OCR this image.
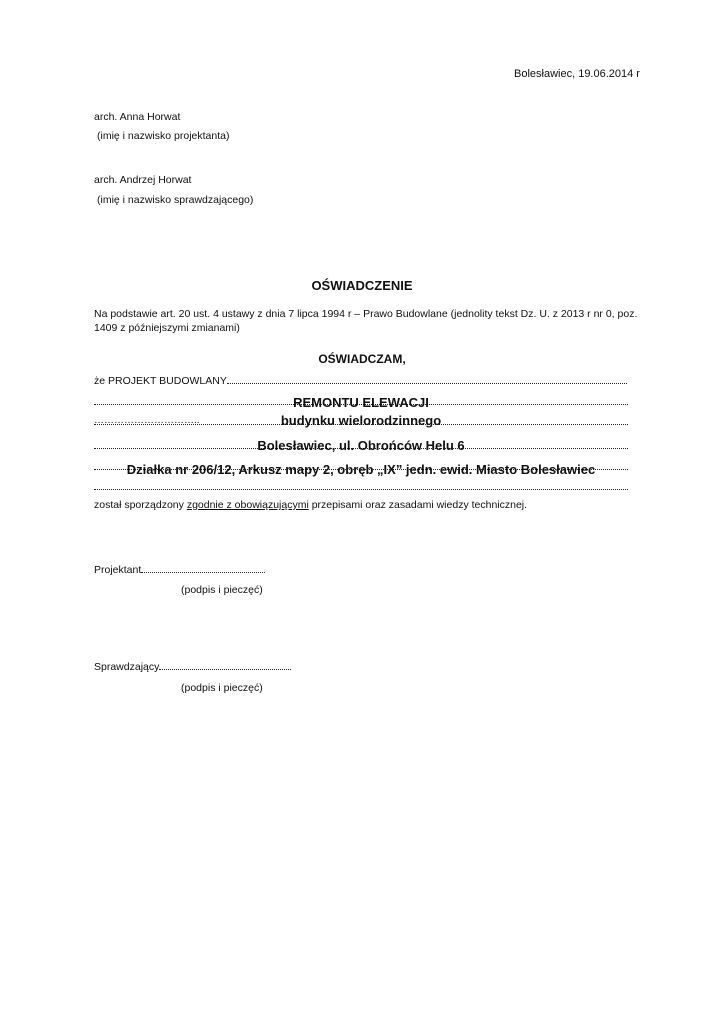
Bolesławiec, 19.06.2014 r
arch. Anna Horwat
(imię i nazwisko projektanta)
arch. Andrzej Horwat
(imię i nazwisko sprawdzającego)
OŚWIADCZENIE
Na podstawie art. 20 ust. 4 ustawy z dnia 7 lipca 1994 r – Prawo Budowlane (jednolity tekst Dz. U. z 2013 r nr 0, poz.
1409 z późniejszymi zmianami)
OŚWIADCZAM,
że PROJEKT BUDOWLANY
REMONTU ELEWACJI
…………………………..	budynku wielorodzinnego
Bolesławiec, ul. Obrońców Helu 6
Działka nr 206/12, Arkusz mapy 2, obręb „IX” jedn. ewid. Miasto Bolesławiec
został sporządzony zgodnie z obowiązującymi przepisami oraz zasadami wiedzy technicznej.
Projektant
(podpis i pieczęć)
Sprawdzający
(podpis i pieczęć)
